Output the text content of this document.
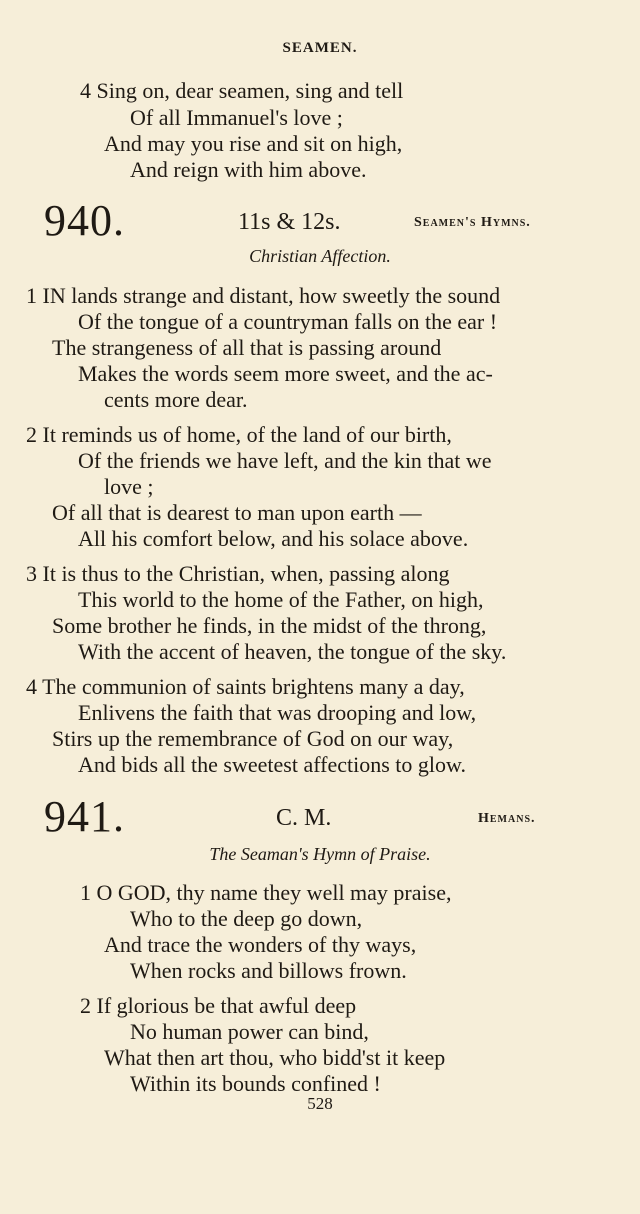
SEAMEN.
4 Sing on, dear seamen, sing and tell
Of all Immanuel's love ;
And may you rise and sit on high,
And reign with him above.
940.	11s & 12s.	Seamen's Hymns.
Christian Affection.
1 IN lands strange and distant, how sweetly the sound
Of the tongue of a countryman falls on the ear !
The strangeness of all that is passing around
Makes the words seem more sweet, and the ac-
cents more dear.
2 It reminds us of home, of the land of our birth,
Of the friends we have left, and the kin that we
love ;
Of all that is dearest to man upon earth —
All his comfort below, and his solace above.
3 It is thus to the Christian, when, passing along
This world to the home of the Father, on high,
Some brother he finds, in the midst of the throng,
With the accent of heaven, the tongue of the sky.
4 The communion of saints brightens many a day,
Enlivens the faith that was drooping and low,
Stirs up the remembrance of God on our way,
And bids all the sweetest affections to glow.
941.	C. M.	Hemans.
The Seaman's Hymn of Praise.
1 O GOD, thy name they well may praise,
Who to the deep go down,
And trace the wonders of thy ways,
When rocks and billows frown.
2 If glorious be that awful deep
No human power can bind,
What then art thou, who bidd'st it keep
Within its bounds confined !
528
